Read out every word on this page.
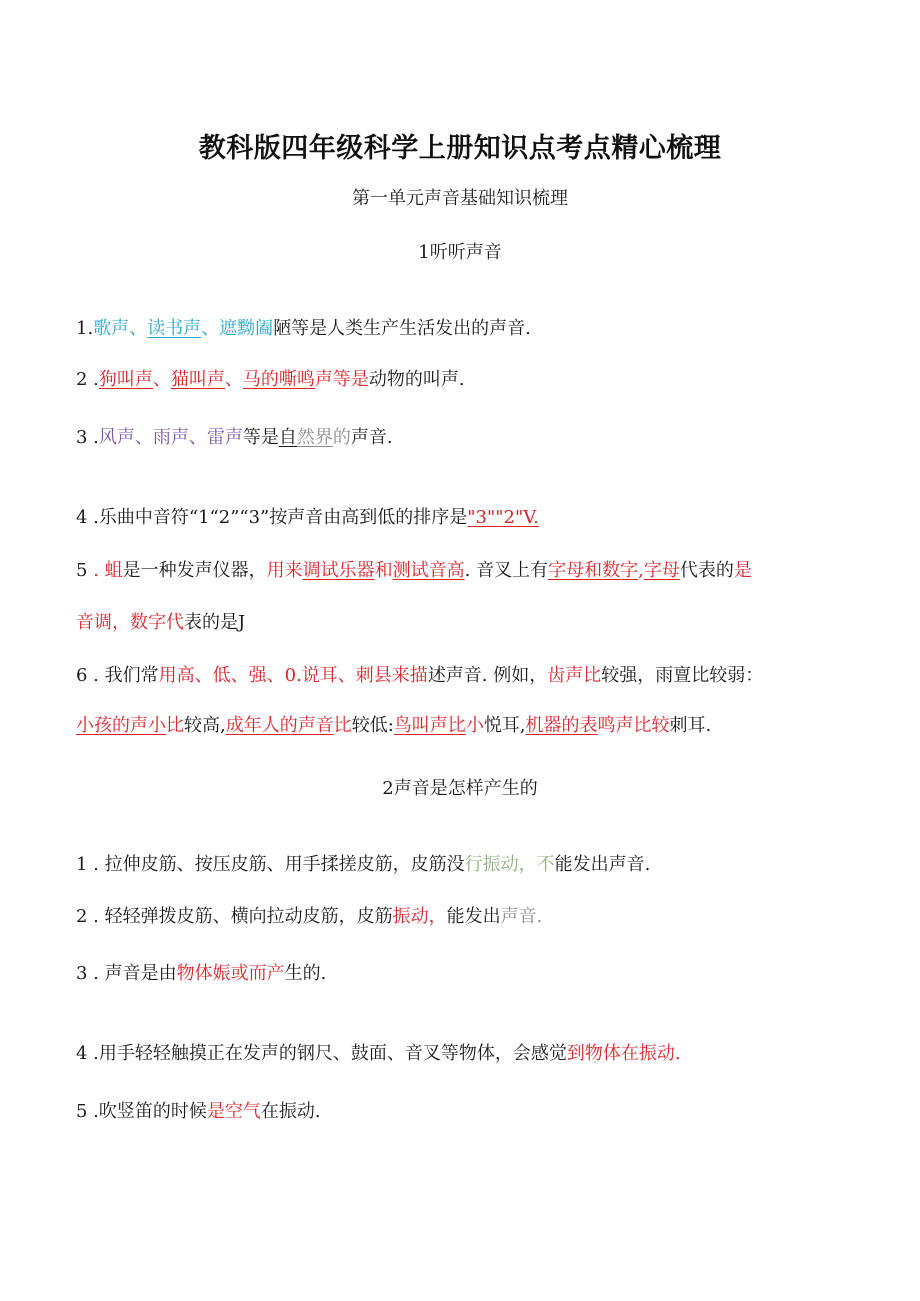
教科版四年级科学上册知识点考点精心梳理
第一单元声音基础知识梳理
1听听声音
1.歌声、读书声、遮黝阖陋等是人类生产生活发出的声音.
2 .狗叫声、猫叫声、马的嘶鸣声等是动物的叫声.
3 .风声、雨声、雷声等是自然界的声音.
4 .乐曲中音符“1“2”“3”按声音由高到低的排序是"3""2"V.
5 . 蛆是一种发声仪器，用来调试乐器和测试音高. 音叉上有字母和数字,字母代表的是
音调，数字代表的是J
6 . 我们常用高、低、强、0.说耳、刺县来描述声音. 例如，齿声比较强，雨亶比较弱：
小孩的声小比较高,成年人的声音比较低:鸟叫声比小悦耳,机器的表鸣声比较刺耳.
2声音是怎样产生的
1 . 拉伸皮筋、按压皮筋、用手揉搓皮筋，皮筋没行振动，不能发出声音.
2 . 轻轻弹拨皮筋、横向拉动皮筋，皮筋振动，能发出声音.
3 . 声音是由物体娠或而产生的.
4 .用手轻轻触摸正在发声的钢尺、鼓面、音叉等物体，会感觉到物体在振动.
5 .吹竖笛的时候是空气在振动.
